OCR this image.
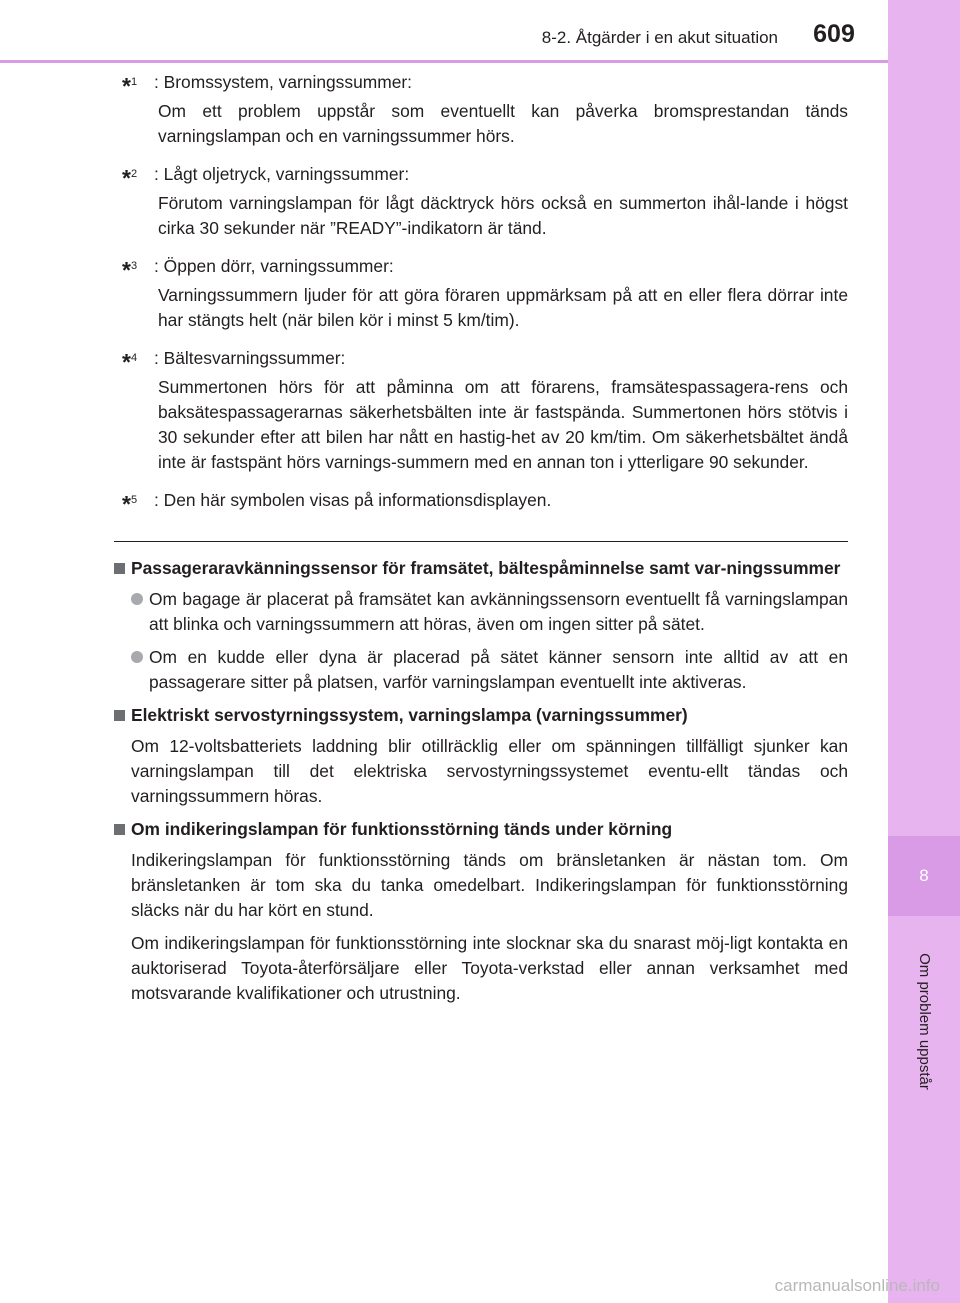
8
Om problem uppstår
8-2. Åtgärder i en akut situation	609
*$^1$ : Bromssystem, varningssummer:
Om ett problem uppstår som eventuellt kan påverka bromsprestandan tänds varningslampan och en varningssummer hörs.
*$^2$ : Lågt oljetryck, varningssummer:
Förutom varningslampan för lågt däcktryck hörs också en summerton ihål-lande i högst cirka 30 sekunder när ”READY”-indikatorn är tänd.
*$^3$ : Öppen dörr, varningssummer:
Varningssummern ljuder för att göra föraren uppmärksam på att en eller flera dörrar inte har stängts helt (när bilen kör i minst 5 km/tim).
*$^4$ : Bältesvarningssummer:
Summertonen hörs för att påminna om att förarens, framsätespassagera-rens och baksätespassagerarnas säkerhetsbälten inte är fastspända. Summertonen hörs stötvis i 30 sekunder efter att bilen har nått en hastig-het av 20 km/tim. Om säkerhetsbältet ändå inte är fastspänt hörs varnings-summern med en annan ton i ytterligare 90 sekunder.
*$^5$ : Den här symbolen visas på informationsdisplayen.
Passageraravkänningssensor för framsätet, bältespåminnelse samt var-ningssummer
Om bagage är placerat på framsätet kan avkänningssensorn eventuellt få varningslampan att blinka och varningssummern att höras, även om ingen sitter på sätet.
Om en kudde eller dyna är placerad på sätet känner sensorn inte alltid av att en passagerare sitter på platsen, varför varningslampan eventuellt inte aktiveras.
Elektriskt servostyrningssystem, varningslampa (varningssummer)
Om 12-voltsbatteriets laddning blir otillräcklig eller om spänningen tillfälligt sjunker kan varningslampan till det elektriska servostyrningssystemet eventu-ellt tändas och varningssummern höras.
Om indikeringslampan för funktionsstörning tänds under körning
Indikeringslampan för funktionsstörning tänds om bränsletanken är nästan tom. Om bränsletanken är tom ska du tanka omedelbart. Indikeringslampan för funktionsstörning släcks när du har kört en stund.
Om indikeringslampan för funktionsstörning inte slocknar ska du snarast möj-ligt kontakta en auktoriserad Toyota-återförsäljare eller Toyota-verkstad eller annan verksamhet med motsvarande kvalifikationer och utrustning.
carmanualsonline.info
